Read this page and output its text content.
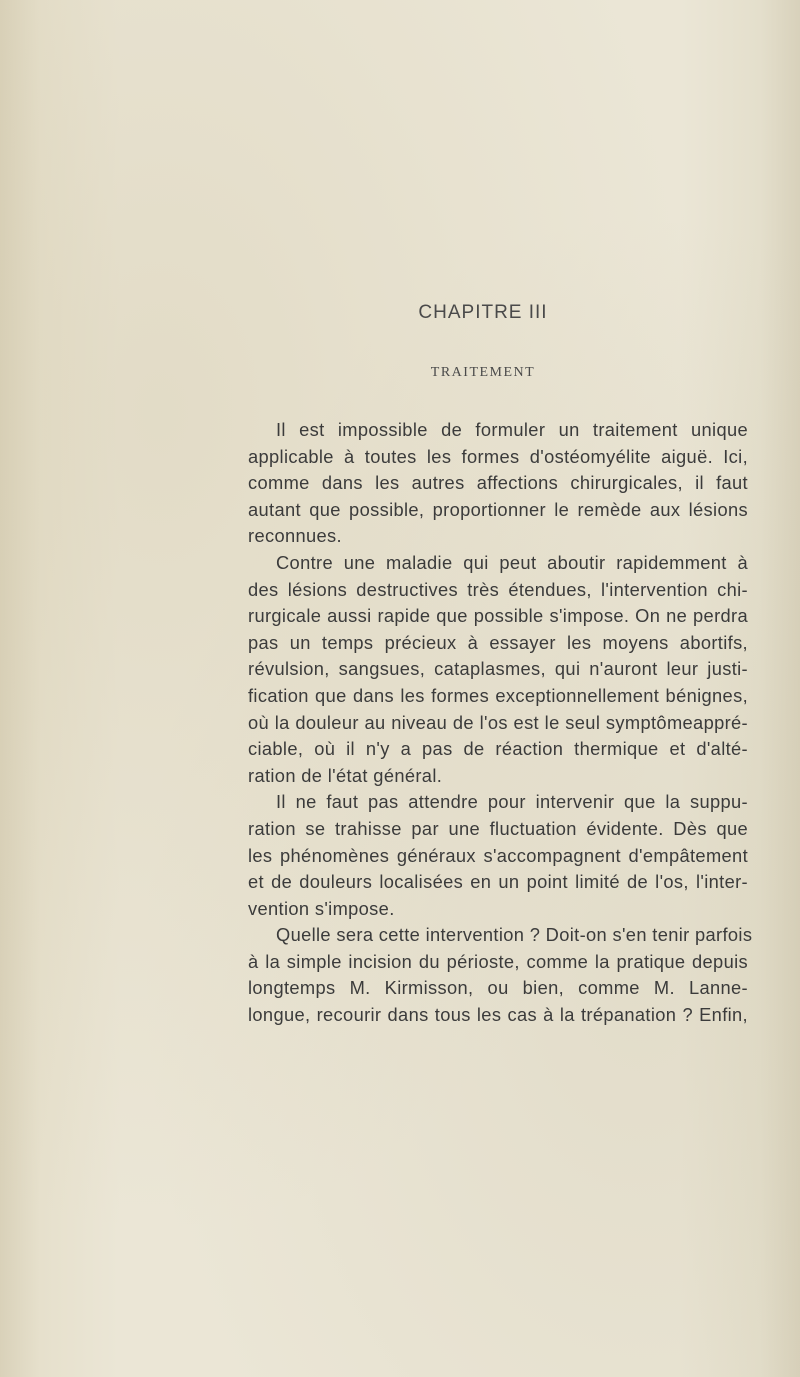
CHAPITRE III
TRAITEMENT

Il est impossible de formuler un traitement unique
applicable à toutes les formes d'ostéomyélite aiguë. Ici,
comme dans les autres affections chirurgicales, il faut
autant que possible, proportionner le remède aux lésions
reconnues.

Contre une maladie qui peut aboutir rapidemment à
des lésions destructives très étendues, l'intervention chi-
rurgicale aussi rapide que possible s'impose. On ne perdra
pas un temps précieux à essayer les moyens abortifs,
révulsion, sangsues, cataplasmes, qui n'auront leur justi-
fication que dans les formes exceptionnellement bénignes,
où la douleur au niveau de l'os est le seul symptômeappré-
ciable, où il n'y a pas de réaction thermique et d'alté-
ration de l'état général.

Il ne faut pas attendre pour intervenir que la suppu-
ration se trahisse par une fluctuation évidente. Dès que
les phénomènes généraux s'accompagnent d'empâtement
et de douleurs localisées en un point limité de l'os, l'inter-
vention s'impose.

Quelle sera cette intervention ? Doit-on s'en tenir parfois
à la simple incision du périoste, comme la pratique depuis
longtemps M. Kirmisson, ou bien, comme M. Lanne-
longue, recourir dans tous les cas à la trépanation ? Enfin,
